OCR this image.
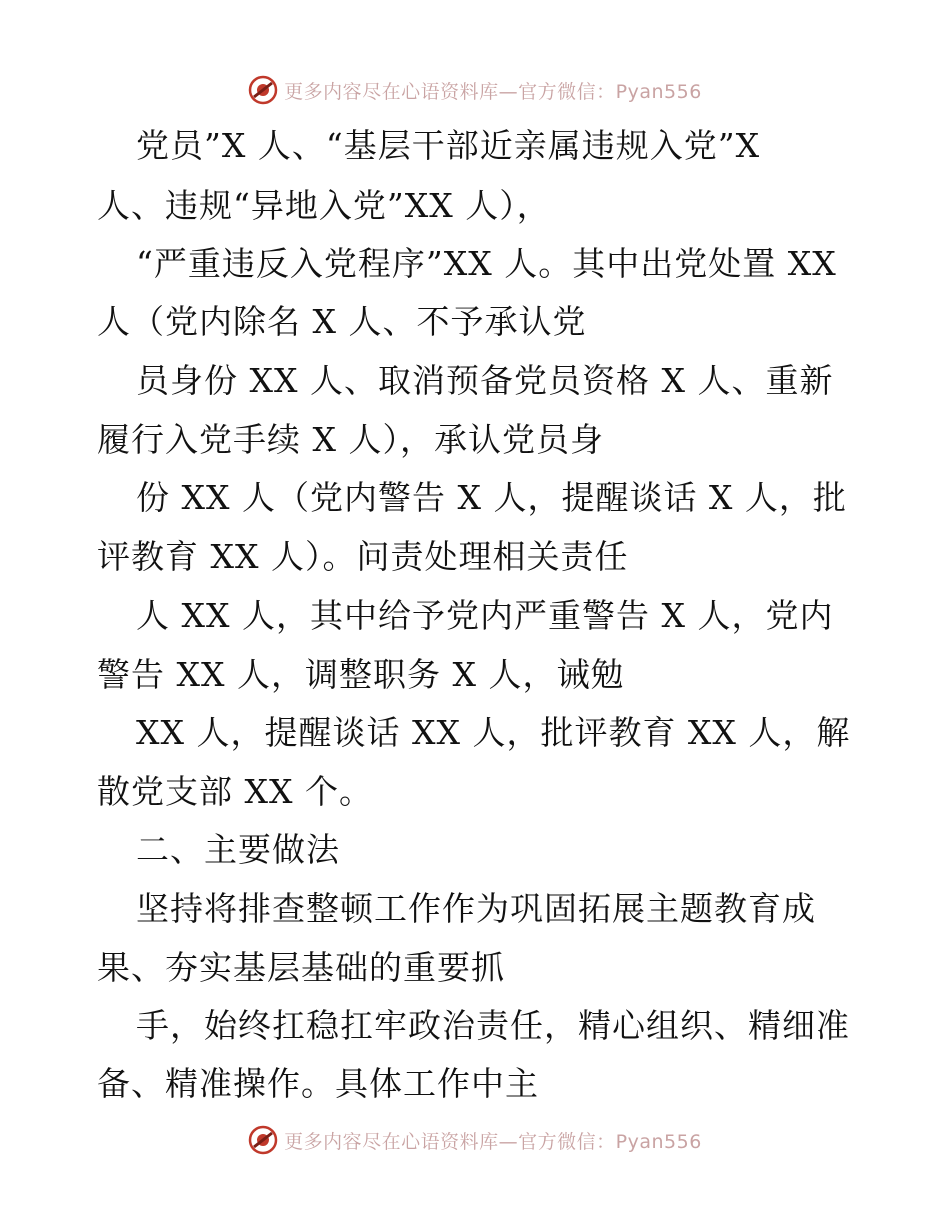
更多内容尽在心语资料库—官方微信：Pyan556
党员”X 人、“基层干部近亲属违规入党”X
人、违规“异地入党”XX 人），
“严重违反入党程序”XX 人。其中出党处置 XX
人（党内除名 X 人、不予承认党
员身份 XX 人、取消预备党员资格 X 人、重新
履行入党手续 X 人），承认党员身
份 XX 人（党内警告 X 人，提醒谈话 X 人，批
评教育 XX 人）。问责处理相关责任
人 XX 人，其中给予党内严重警告 X 人，党内
警告 XX 人，调整职务 X 人，诫勉
XX 人，提醒谈话 XX 人，批评教育 XX 人，解
散党支部 XX 个。
二、主要做法
坚持将排查整顿工作作为巩固拓展主题教育成
果、夯实基层基础的重要抓
手，始终扛稳扛牢政治责任，精心组织、精细准
备、精准操作。具体工作中主
更多内容尽在心语资料库—官方微信：Pyan556
